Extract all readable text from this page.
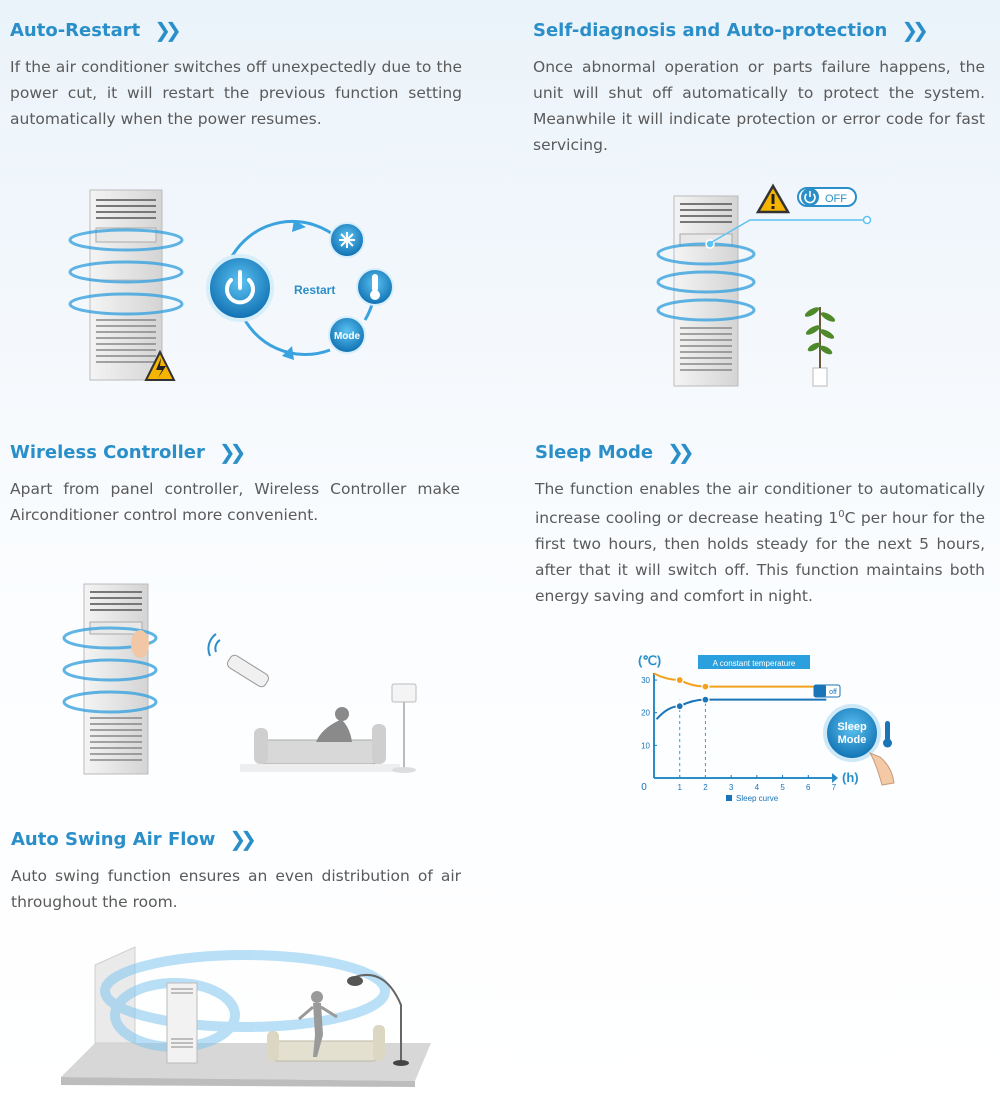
Auto-Restart ❯❯

If the air conditioner switches off unexpectedly due to the power cut, it will restart the previous function setting automatically when the power resumes.

Restart
Mode
Self-diagnosis and Auto-protection ❯❯

Once abnormal operation or parts failure happens, the unit will shut off automatically to protect the system. Meanwhile it will indicate protection or error code for fast servicing.

OFF
Wireless Controller ❯❯

Apart from panel controller, Wireless Controller make Airconditioner control more convenient.

Sleep Mode ❯❯

The function enables the air conditioner to automatically increase cooling or decrease heating $1^0C$ per hour for the first two hours, then holds steady for the next 5 hours, after that it will switch off. This function maintains both energy saving and comfort in night.

(℃)	A constant temperature
(h)
0	1	2	3	4	5	6	7
10
20
30
off
Sleep curve
Sleep
Mode
Auto Swing Air Flow ❯❯

Auto swing function ensures an even distribution of air throughout the room.
